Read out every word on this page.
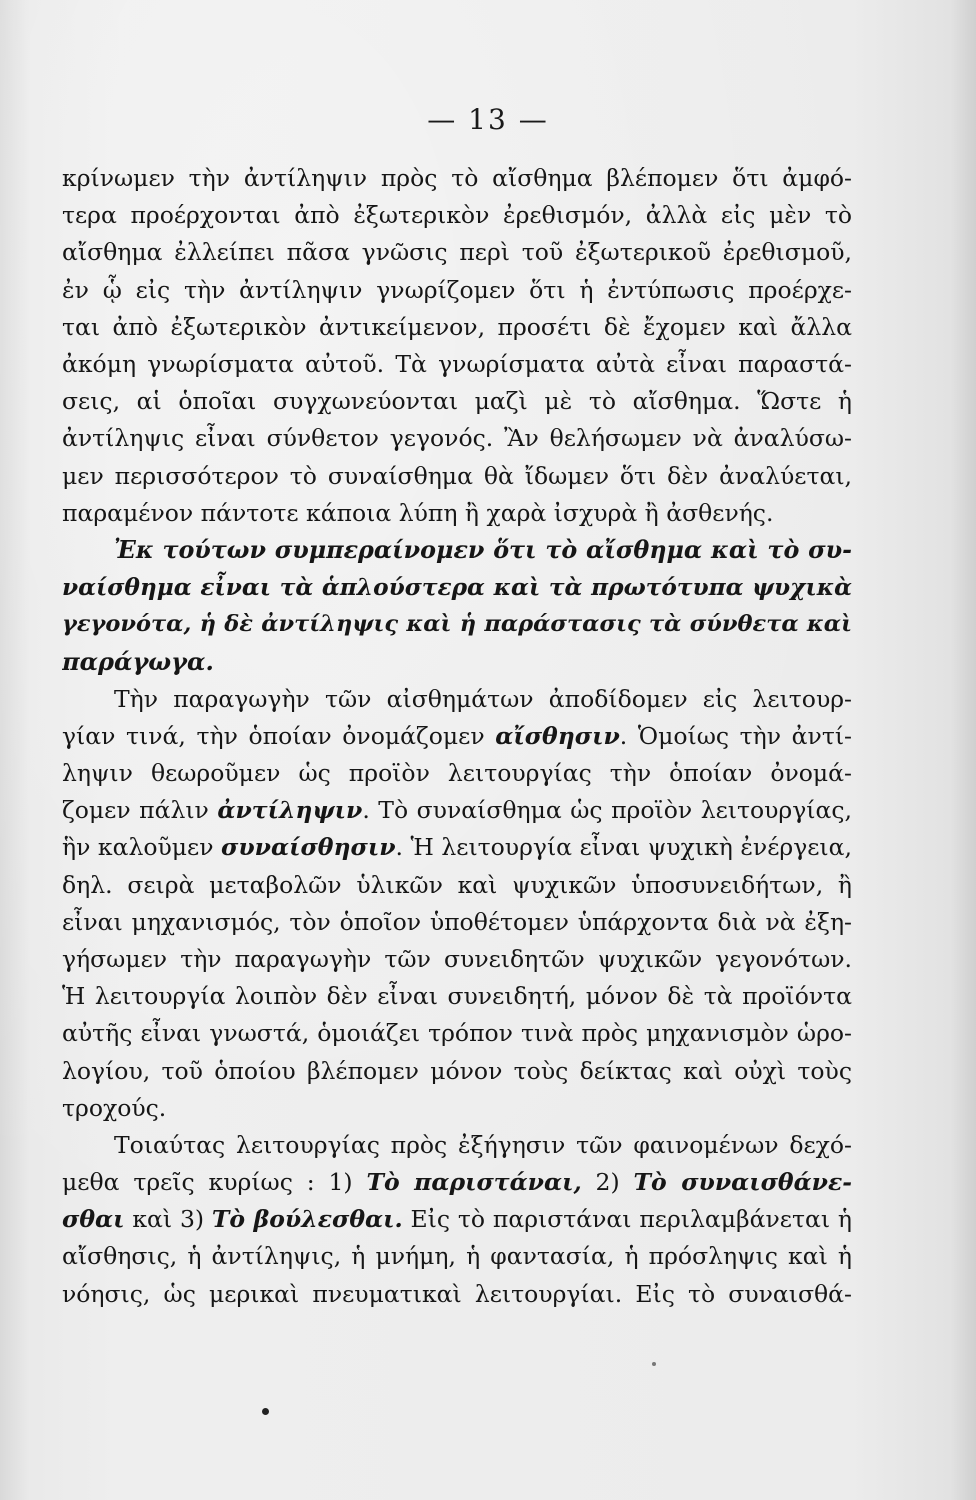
— 13 —
κρίνωμεν τὴν ἀντίληψιν πρὸς τὸ αἴσθημα βλέπομεν ὅτι ἀμφό-
τερα προέρχονται ἀπὸ ἐξωτερικὸν ἐρεθισμόν, ἀλλὰ εἰς μὲν τὸ
αἴσθημα ἐλλείπει πᾶσα γνῶσις περὶ τοῦ ἐξωτερικοῦ ἐρεθισμοῦ,
ἐν ᾧ εἰς τὴν ἀντίληψιν γνωρίζομεν ὅτι ἡ ἐντύπωσις προέρχε-
ται ἀπὸ ἐξωτερικὸν ἀντικείμενον, προσέτι δὲ ἔχομεν καὶ ἄλλα
ἀκόμη γνωρίσματα αὐτοῦ. Τὰ γνωρίσματα αὐτὰ εἶναι παραστά-
σεις, αἱ ὁποῖαι συγχωνεύονται μαζὶ μὲ τὸ αἴσθημα. Ὥστε ἡ
ἀντίληψις εἶναι σύνθετον γεγονός. Ἂν θελήσωμεν νὰ ἀναλύσω-
μεν περισσότερον τὸ συναίσθημα θὰ ἴδωμεν ὅτι δὲν ἀναλύεται,
παραμένον πάντοτε κάποια λύπη ἢ χαρὰ ἰσχυρὰ ἢ ἀσθενής.
Ἐκ τούτων συμπεραίνομεν ὅτι τὸ αἴσθημα καὶ τὸ συ-
ναίσθημα εἶναι τὰ ἁπλούστερα καὶ τὰ πρωτότυπα ψυχικὰ
γεγονότα, ἡ δὲ ἀντίληψις καὶ ἡ παράστασις τὰ σύνθετα καὶ
παράγωγα.
Τὴν παραγωγὴν τῶν αἰσθημάτων ἀποδίδομεν εἰς λειτουρ-
γίαν τινά, τὴν ὁποίαν ὀνομάζομεν αἴσθησιν. Ὁμοίως τὴν ἀντί-
ληψιν θεωροῦμεν ὡς προϊὸν λειτουργίας τὴν ὁποίαν ὀνομά-
ζομεν πάλιν ἀντίληψιν. Τὸ συναίσθημα ὡς προϊὸν λειτουργίας,
ἣν καλοῦμεν συναίσθησιν. Ἡ λειτουργία εἶναι ψυχικὴ ἐνέργεια,
δηλ. σειρὰ μεταβολῶν ὑλικῶν καὶ ψυχικῶν ὑποσυνειδήτων, ἢ
εἶναι μηχανισμός, τὸν ὁποῖον ὑποθέτομεν ὑπάρχοντα διὰ νὰ ἐξη-
γήσωμεν τὴν παραγωγὴν τῶν συνειδητῶν ψυχικῶν γεγονότων.
Ἡ λειτουργία λοιπὸν δὲν εἶναι συνειδητή, μόνον δὲ τὰ προϊόντα
αὐτῆς εἶναι γνωστά, ὁμοιάζει τρόπον τινὰ πρὸς μηχανισμὸν ὡρο-
λογίου, τοῦ ὁποίου βλέπομεν μόνον τοὺς δείκτας καὶ οὐχὶ τοὺς
τροχούς.
Τοιαύτας λειτουργίας πρὸς ἐξήγησιν τῶν φαινομένων δεχό-
μεθα τρεῖς κυρίως : 1) Τὸ παριστάναι, 2) Τὸ συναισθάνε-
σθαι καὶ 3) Τὸ βούλεσθαι. Εἰς τὸ παριστάναι περιλαμβάνεται ἡ
αἴσθησις, ἡ ἀντίληψις, ἡ μνήμη, ἡ φαντασία, ἡ πρόσληψις καὶ ἡ
νόησις, ὡς μερικαὶ πνευματικαὶ λειτουργίαι. Εἰς τὸ συναισθά-
